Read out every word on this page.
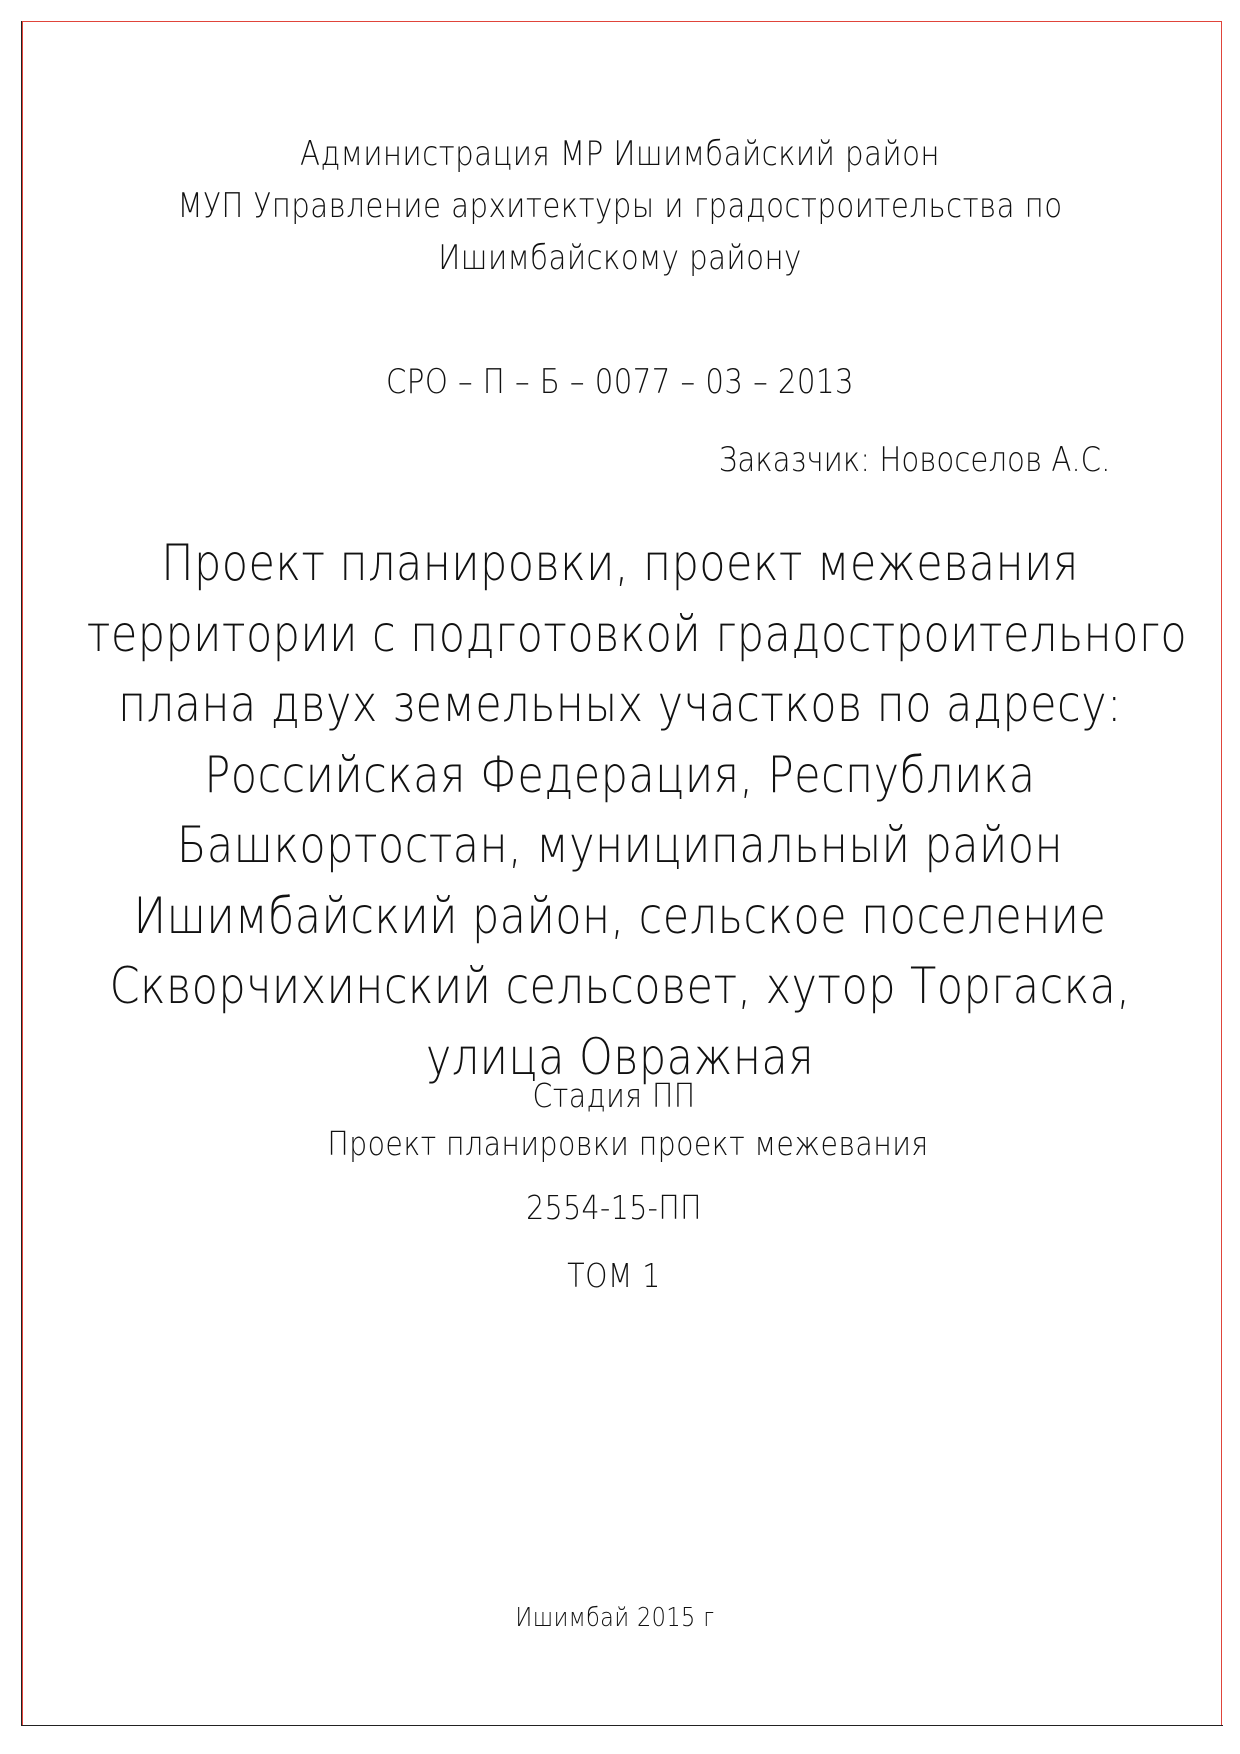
Администрация МР Ишимбайский район
МУП Управление архитектуры и градостроительства по
Ишимбайскому району
СРО – П – Б – 0077 – 03 – 2013
Заказчик: Новоселов А.С.
Проект планировки, проект межевания
территории с подготовкой градостроительного
плана двух земельных участков по адресу:
Российская Федерация, Республика
Башкортостан, муниципальный район
Ишимбайский район, сельское поселение
Скворчихинский сельсовет, хутор Торгаска,
улица Овражная
Стадия ПП
Проект планировки проект межевания
2554-15-ПП
ТОМ 1
Ишимбай 2015 г
